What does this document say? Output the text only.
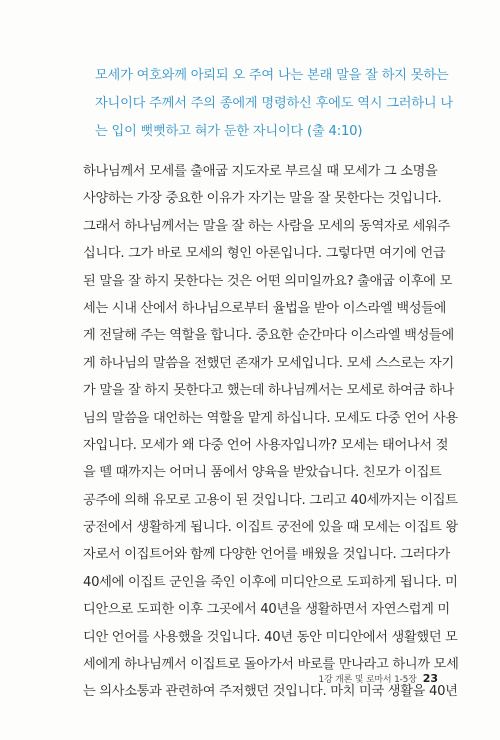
모세가 여호와께 아뢰되 오 주여 나는 본래 말을 잘 하지 못하는
자니이다 주께서 주의 종에게 명령하신 후에도 역시 그러하니 나
는 입이 뻣뻣하고 혀가 둔한 자니이다 (출 4:10)
하나님께서 모세를 출애굽 지도자로 부르실 때 모세가 그 소명을
사양하는 가장 중요한 이유가 자기는 말을 잘 못한다는 것입니다.
그래서 하나님께서는 말을 잘 하는 사람을 모세의 동역자로 세워주
십니다. 그가 바로 모세의 형인 아론입니다. 그렇다면 여기에 언급
된 말을 잘 하지 못한다는 것은 어떤 의미일까요? 출애굽 이후에 모
세는 시내 산에서 하나님으로부터 율법을 받아 이스라엘 백성들에
게 전달해 주는 역할을 합니다. 중요한 순간마다 이스라엘 백성들에
게 하나님의 말씀을 전했던 존재가 모세입니다. 모세 스스로는 자기
가 말을 잘 하지 못한다고 했는데 하나님께서는 모세로 하여금 하나
님의 말씀을 대언하는 역할을 맡게 하십니다. 모세도 다중 언어 사용
자입니다. 모세가 왜 다중 언어 사용자입니까? 모세는 태어나서 젖
을 뗄 때까지는 어머니 품에서 양육을 받았습니다. 친모가 이집트
공주에 의해 유모로 고용이 된 것입니다. 그리고 40세까지는 이집트
궁전에서 생활하게 됩니다. 이집트 궁전에 있을 때 모세는 이집트 왕
자로서 이집트어와 함께 다양한 언어를 배웠을 것입니다. 그러다가
40세에 이집트 군인을 죽인 이후에 미디안으로 도피하게 됩니다. 미
디안으로 도피한 이후 그곳에서 40년을 생활하면서 자연스럽게 미
디안 언어를 사용했을 것입니다. 40년 동안 미디안에서 생활했던 모
세에게 하나님께서 이집트로 돌아가서 바로를 만나라고 하니까 모세
는 의사소통과 관련하여 주저했던 것입니다. 마치 미국 생활을 40년
1강 개론 및 로마서 1-5장 23
